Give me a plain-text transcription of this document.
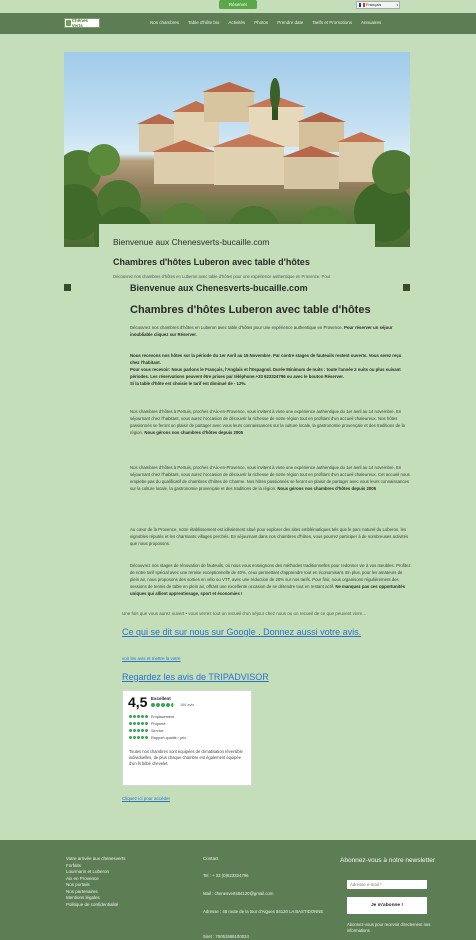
Réserver	Français	▾
Chênes Verts
Nos chambres Table d'hôte bio Activités Photos Prendre date Tarifs et Promotions Annuaires
Bienvenue aux Chenesverts-bucaille.com
Chambres d'hôtes Luberon avec table d'hôtes
Découvrez nos chambres d'hôtes en Luberon avec table d'hôtes pour une expérience authentique en Provence. Pour
Bienvenue aux Chenesverts-bucaille.com
Chambres d'hôtes Luberon avec table d'hôtes
Découvrez nos chambres d'hôtes en Luberon avec table d'hôtes pour une expérience authentique en Provence. Pour réserver un séjour inoubliable cliquez sur Réserver.
Nous recevons nos hôtes sur la période du 1er Avril au 15 Novembre. Par contre stages de fauteuils restent ouverts. Vous serez reçu chez l'habitant.
Pour vous recevoir: Nous parlons le Français, l'Anglais et l'Espagnol. Durée Minimum de nuits : toute l'année 2 nuits ou plus suivant périodes. Les réservations peuvent être prises par téléphone.+33 623324796 ou avec le bouton Réserver.
Si la table d'hôte est choisie le tarif est diminué de - 12%.
Nos chambres d'hôtes à Pertuis, proches d'Aix-en-Provence, vous invitent à vivre une expérience authentique du 1er avril au 14 novembre. En séjournant chez l'habitant, vous aurez l'occasion de découvrir la richesse de notre région tout en profitant d'un accueil chaleureux. Nos hôtes passionnés se feront un plaisir de partager avec vous leurs connaissances sur la culture locale, la gastronomie provençale et des traditions de la région. Nous gérons nos chambres d'hôtes depuis 2005
Nos chambres d'hôtes à Pertuis, proches d'Aix-en-Provence, vous invitent à vivre une expérience authentique du 1er avril au 14 novembre. En séjournant chez l'habitant, vous aurez l'occasion de découvrir la richesse de notre région tout en profitant d'un accueil chaleureux. Cet accueil nous emplebe pas du qualificatif de chambres d'hôtes de Charme. Nos hôtes passionnés se feront un plaisir de partager avec vous leurs connaissances sur la culture locale, la gastronomie provençale et des traditions de la région. Nous gérons nos chambres d'hôtes depuis 2005
Au cœur de la Provence, notre établissement est idéalement situé pour explorer des sites emblématiques tels que le parc naturel du Luberon, les vignobles réputés et les charmants villages perchés. En séjournant dans nos chambres d'hôtes, vous pourrez participer à de nombreuses activités que nous proposons.
Découvrez nos stages de rénovation de fauteuils, où nous vous enseignons des méthodes traditionnelles pour redonner vie à vos meubles. Profitez de notre tarif spécial avec une remise exceptionnelle de 40%, ceux permettant d'apprendre tout en économisant. En plus, pour les amateurs de plein air, nous proposons des sorties en vélo ou VTT, avec une réduction de 20% sur nos tarifs. Pour finir, nous organisons régulièrement des sessions de tennis de table en plein air, offrant une excellente occasion de se détendre tout en restant actif. Ne manquez pas ces opportunités uniques qui allient apprentissage, sport et économies !
Une fois que vous aurez ouvert • vous verrez tout un recueil d'un séjour chez nous ou un recueil de ce que peuvent vivre…
Ce qui se dit sur nous sur Google . Donnez aussi votre avis.
voir les avis et mettre la votre
Regardez les avis de TRIPADVISOR
4,5 Excellent
166 avis
Emplacement
Propreté
Service
Rapport qualité / prix
Toutes nos chambres sont équipées de climatisation réversible individuelles, de plus chaque chambre est également équipée d'un lit bébé chevelet.
Cliquez ici pour accéder
Votre arrivée aux chenesverts
Forfaits
Lourmarin et Luberon
Aix en Provence
Nos portails
Nos partenaires
Mentions légales
Politique de confidentialité
Contact
Tel : + 33 (0)623324796
Mail : chenesverts84120@gmail.com
Adresse : 48 route de la tour d'Aigues 84120 LA BASTIDONNE
Siret : 79051966100024
Abonnez-vous à notre newsletter
Adresse e-mail *
Je m'abonne !
Abonnez-vous pour recevoir directement nos informations
